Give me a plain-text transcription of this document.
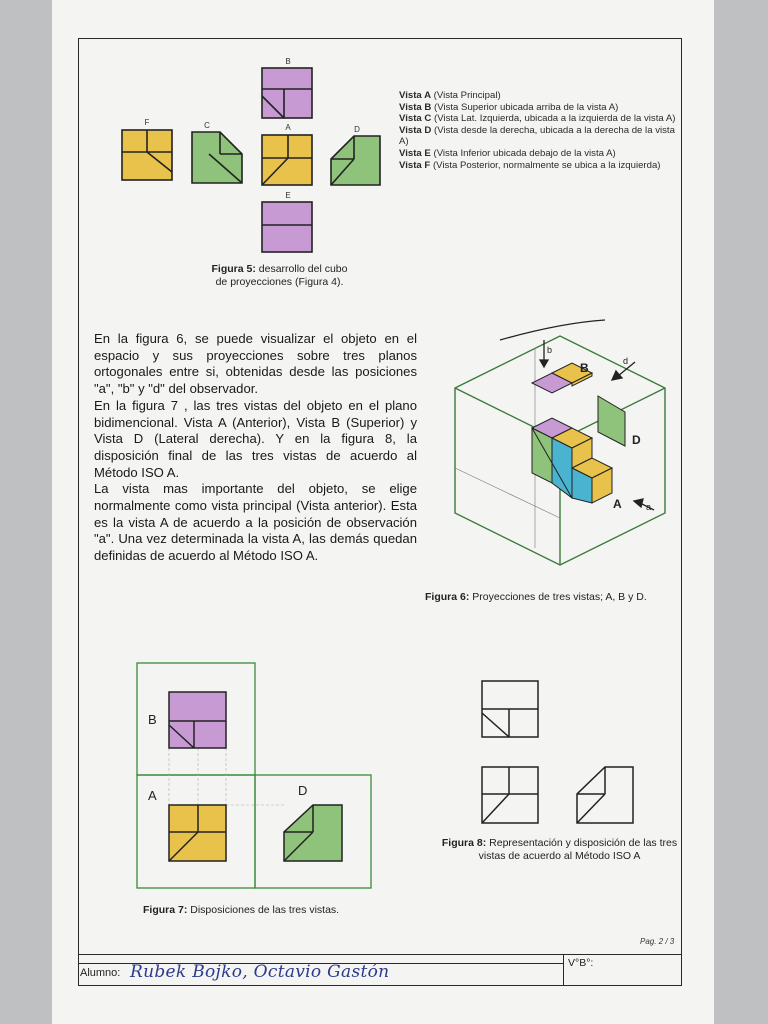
B
F	C	A	D
E
Vista A (Vista Principal)
Vista B (Vista Superior ubicada arriba de la vista A)
Vista C (Vista Lat. Izquierda, ubicada a la izquierda de la vista A)
Vista D (Vista desde la derecha, ubicada a la derecha de la vista A)
Vista E (Vista Inferior ubicada debajo de la vista A)
Vista F (Vista Posterior, normalmente se ubica a la izquierda)
Figura 5: desarrollo del cubo de proyecciones (Figura 4).

En la figura 6, se puede visualizar el objeto en el espacio y sus proyecciones sobre tres planos ortogonales entre si, obtenidas desde las posiciones "a", "b" y "d" del observador.

En la figura 7 , las tres vistas del objeto en el plano bidimencional. Vista A (Anterior), Vista B (Superior) y Vista D (Lateral derecha). Y en la figura 8, la disposición final de las tres vistas de acuerdo al Método ISO A.

La vista mas importante del objeto, se elige normalmente como vista principal (Vista anterior). Esta es la vista A de acuerdo a la posición de observación "a". Una vez determinada la vista A, las demás quedan definidas de acuerdo al Método ISO A.

b
d
a
B
D
A
Figura 6: Proyecciones de tres vistas; A, B y D.
B
A	D
Figura 7: Disposiciones de las tres vistas.
Figura 8: Representación y disposición de las tres vistas de acuerdo al Método ISO A
Pag. 2 / 3
V°B°:
Alumno: Rubek Bojko, Octavio Gastón
